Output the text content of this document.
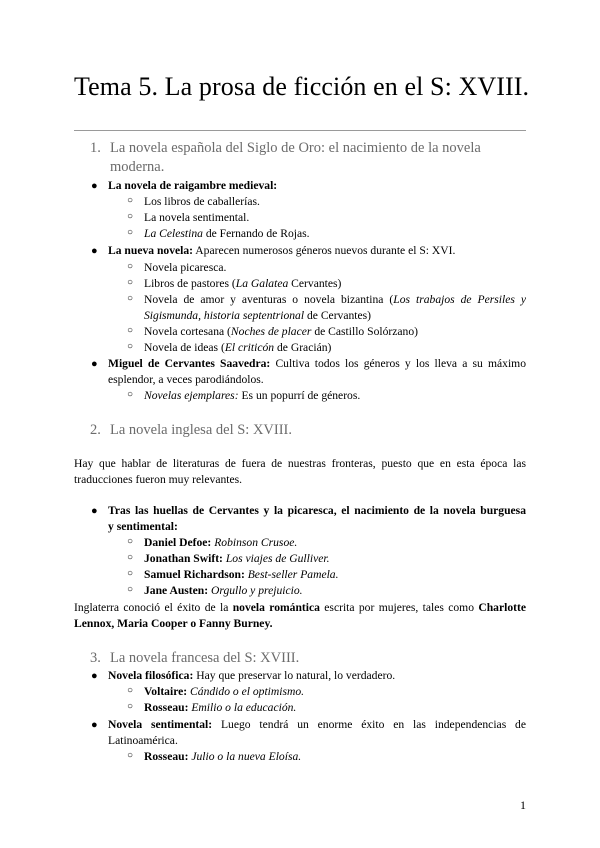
Tema 5. La prosa de ficción en el S: XVIII.
1. La novela española del Siglo de Oro: el nacimiento de la novela
moderna.
● La novela de raigambre medieval:
○ Los libros de caballerías.
○ La novela sentimental.
○ La Celestina de Fernando de Rojas.
● La nueva novela: Aparecen numerosos géneros nuevos durante el S: XVI.
○ Novela picaresca.
○ Libros de pastores (La Galatea Cervantes)
○ Novela de amor y aventuras o novela bizantina (Los trabajos de Persiles y
Sigismunda, historia septentrional de Cervantes)
○ Novela cortesana (Noches de placer de Castillo Solórzano)
○ Novela de ideas (El criticón de Gracián)
● Miguel de Cervantes Saavedra: Cultiva todos los géneros y los lleva a su máximo
esplendor, a veces parodiándolos.
○ Novelas ejemplares: Es un popurrí de géneros.
2. La novela inglesa del S: XVIII.
Hay que hablar de literaturas de fuera de nuestras fronteras, puesto que en esta época las
traducciones fueron muy relevantes.
● Tras las huellas de Cervantes y la picaresca, el nacimiento de la novela burguesa
y sentimental:
○ Daniel Defoe: Robinson Crusoe.
○ Jonathan Swift: Los viajes de Gulliver.
○ Samuel Richardson: Best-seller Pamela.
○ Jane Austen: Orgullo y prejuicio.
Inglaterra conoció el éxito de la novela romántica escrita por mujeres, tales como Charlotte
Lennox, Maria Cooper o Fanny Burney.
3. La novela francesa del S: XVIII.
● Novela filosófica: Hay que preservar lo natural, lo verdadero.
○ Voltaire: Cándido o el optimismo.
○ Rosseau: Emilio o la educación.
● Novela sentimental: Luego tendrá un enorme éxito en las independencias de
Latinoamérica.
○ Rosseau: Julio o la nueva Eloísa.
1
